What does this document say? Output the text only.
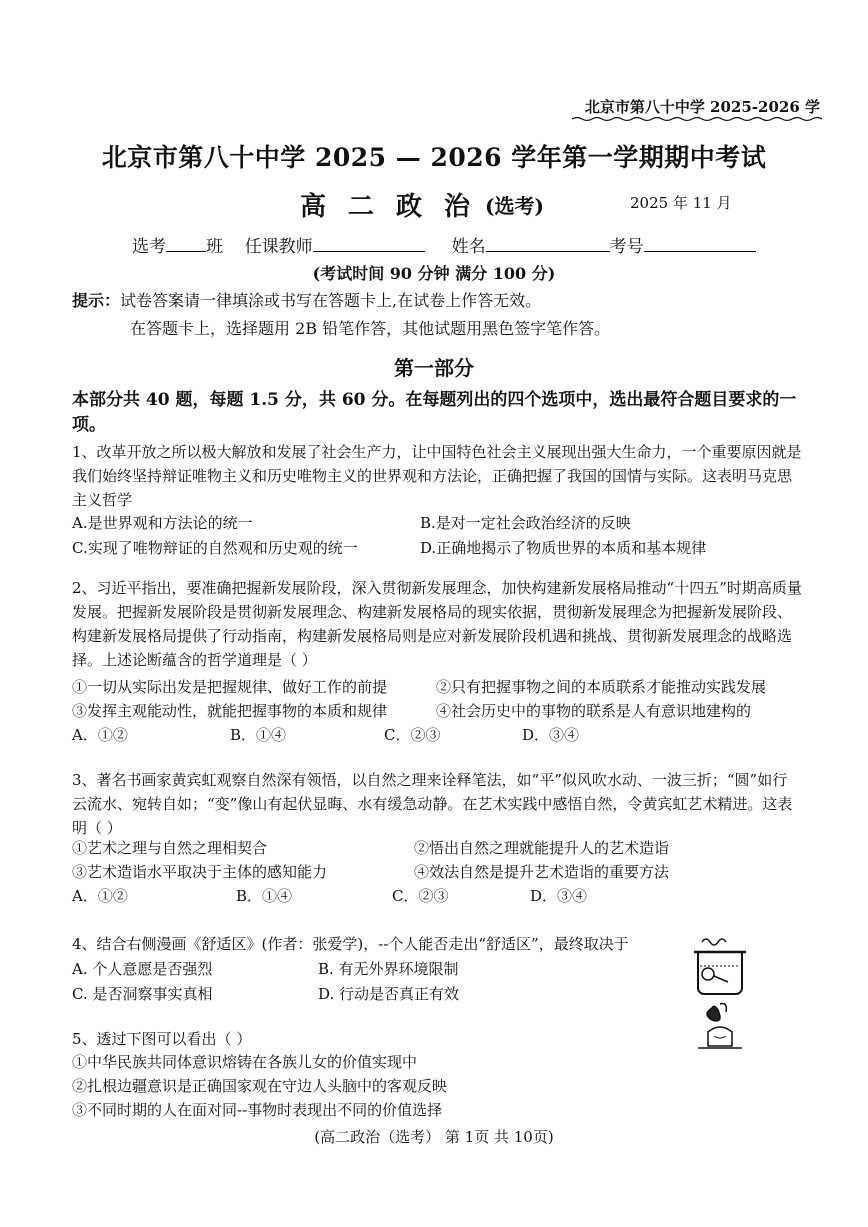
北京市第八十中学 2025-2026 学
北京市第八十中学 2025 — 2026 学年第一学期期中考试
高二政治
(选考)	2025 年 11 月
选考 班 任课教师	姓名	考号
(考试时间 90 分钟 满分 100 分)
提示：试卷答案请一律填涂或书写在答题卡上,在试卷上作答无效。
在答题卡上，选择题用 2B 铅笔作答，其他试题用黑色签字笔作答。
第一部分
本部分共 40 题，每题 1.5 分，共 60 分。在每题列出的四个选项中，选出最符合题目要求的一项。
1、改革开放之所以极大解放和发展了社会生产力，让中国特色社会主义展现出强大生命力，一个重要原因就是我们始终坚持辩证唯物主义和历史唯物主义的世界观和方法论，正确把握了我国的国情与实际。这表明马克思主义哲学
A.是世界观和方法论的统一	B.是对一定社会政治经济的反映
C.实现了唯物辩证的自然观和历史观的统一	D.正确地揭示了物质世界的本质和基本规律
2、习近平指出，要准确把握新发展阶段，深入贯彻新发展理念，加快构建新发展格局推动“十四五”时期高质量发展。把握新发展阶段是贯彻新发展理念、构建新发展格局的现实依据，贯彻新发展理念为把握新发展阶段、构建新发展格局提供了行动指南，构建新发展格局则是应对新发展阶段机遇和挑战、贯彻新发展理念的战略选择。上述论断蕴含的哲学道理是（ ）
①一切从实际出发是把握规律、做好工作的前提	②只有把握事物之间的本质联系才能推动实践发展
③发挥主观能动性，就能把握事物的本质和规律	④社会历史中的事物的联系是人有意识地建构的
A．①②	B．①④	C．②③	D．③④
3、著名书画家黄宾虹观察自然深有领悟，以自然之理来诠释笔法，如“平”似风吹水动、一波三折；“圆”如行云流水、宛转自如；“变”像山有起伏显晦、水有缓急动静。在艺术实践中感悟自然，令黄宾虹艺术精进。这表明（ ）
①艺术之理与自然之理相契合	②悟出自然之理就能提升人的艺术造诣
③艺术造诣水平取决于主体的感知能力	④效法自然是提升艺术造诣的重要方法
A．①②	B．①④	C．②③	D．③④
4、结合右侧漫画《舒适区》(作者：张爱学)，--个人能否走出“舒适区”，最终取决于
A. 个人意愿是否强烈	B. 有无外界环境限制
C. 是否洞察事实真相	D. 行动是否真正有效
5、透过下图可以看出（ ）
①中华民族共同体意识熔铸在各族儿女的价值实现中
②扎根边疆意识是正确国家观在守边人头脑中的客观反映
③不同时期的人在面对同--事物时表现出不同的价值选择
(高二政治（选考） 第 1页 共 10页)
